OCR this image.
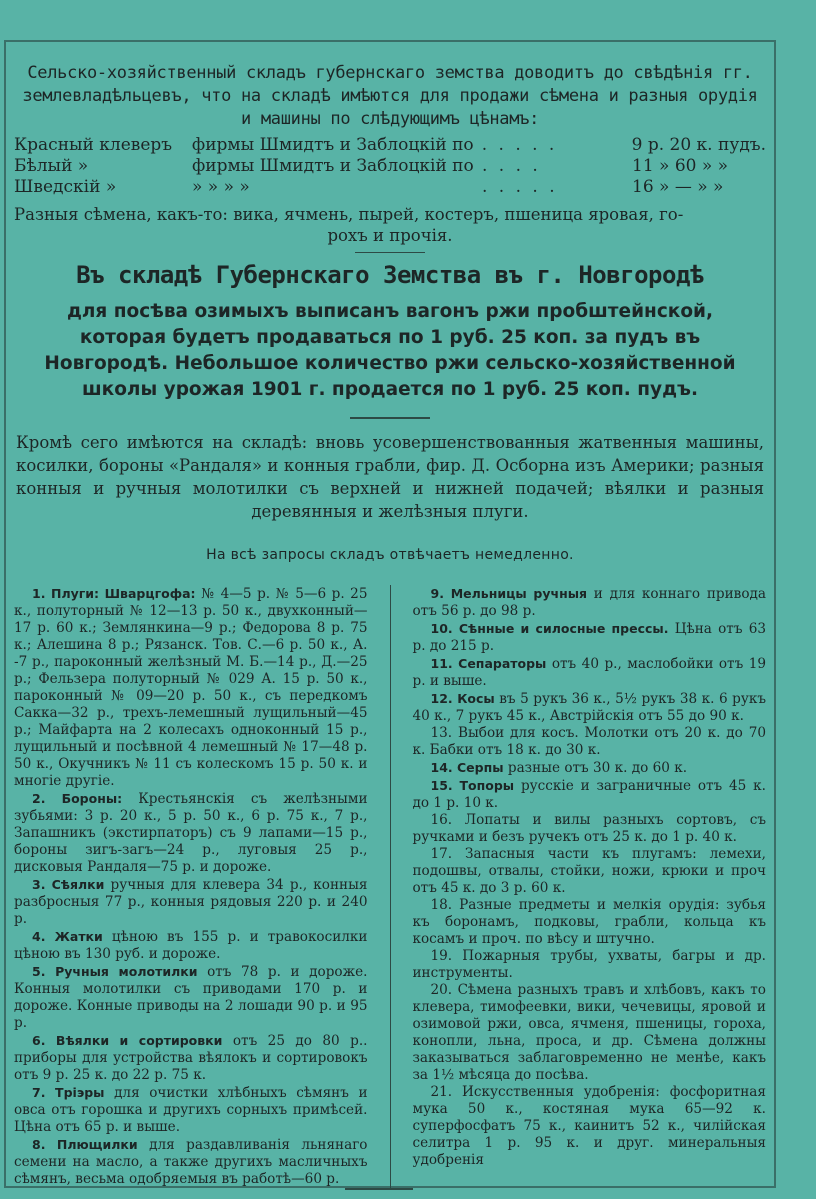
Сельско-хозяйственный складъ губернскаго земства доводитъ до свѣдѣнія гг. землевладѣльцевъ, что на складѣ имѣются для продажи сѣмена и разныя орудія и машины по слѣдующимъ цѣнамъ:

Красный клеверъ	фирмы Шмидтъ и Заблоцкій по . . . . .	9 р. 20 к. пудъ.
Бѣлый »	фирмы Шмидтъ и Заблоцкій по . . . .	11 » 60 » »
Шведскій »	» » » »	. . . . .	16 » — » »
Разныя сѣмена, какъ-то: вика, ячмень, пырей, костеръ, пшеница яровая, го-
рохъ и прочія.
Въ складѣ Губернскаго Земства въ г. Новгородѣ

для посѣва озимыхъ выписанъ вагонъ ржи пробштейнской, которая будетъ продаваться по 1 руб. 25 коп. за пудъ въ Новгородѣ. Небольшое количество ржи сельско-хозяйственной школы урожая 1901 г. продается по 1 руб. 25 коп. пудъ.

Кромѣ сего имѣются на складѣ: вновь усовершенствованныя жатвенныя машины, косилки, бороны «Рандаля» и конныя грабли, фир. Д. Осборна изъ Америки; разныя конныя и ручныя молотилки съ верхней и нижней подачей; вѣялки и разныя деревянныя и желѣзныя плуги.

На всѣ запросы складъ отвѣчаетъ немедленно.

1. Плуги: Шварцгофа: № 4—5 р. № 5—6 р. 25 к., полуторный № 12—13 р. 50 к., двухконный—17 р. 60 к.; Землянкина—9 р.; Федорова 8 р. 75 к.; Алешина 8 р.; Рязанск. Тов. С.—6 р. 50 к., А. -7 р., пароконный желѣзный М. Б.—14 р., Д.—25 р.; Фельзера полуторный № 029 А. 15 р. 50 к., пароконный № 09—20 р. 50 к., съ передкомъ Сакка—32 р., трехъ-лемешный лущильный—45 р.; Майфарта на 2 колесахъ одноконный 15 р., лущильный и посѣвной 4 лемешный № 17—48 р. 50 к., Окучникъ № 11 съ колескомъ 15 р. 50 к. и многіе другіе.

2. Бороны: Крестьянскія съ желѣзными зубьями: 3 р. 20 к., 5 р. 50 к., 6 р. 75 к., 7 р., Запашникъ (экстирпаторъ) съ 9 лапами—15 р., бороны зигъ-загъ—24 р., луговыя 25 р., дисковыя Рандаля—75 р. и дороже.

3. Сѣялки ручныя для клевера 34 р., конныя разбросныя 77 р., конныя рядовыя 220 р. и 240 р.

4. Жатки цѣною въ 155 р. и травокосилки цѣною въ 130 руб. и дороже.

5. Ручныя молотилки отъ 78 р. и дороже. Конныя молотилки съ приводами 170 р. и дороже. Конные приводы на 2 лошади 90 р. и 95 р.

6. Вѣялки и сортировки отъ 25 до 80 р.. приборы для устройства вѣялокъ и сортировокъ отъ 9 р. 25 к. до 22 р. 75 к.

7. Тріэры для очистки хлѣбныхъ сѣмянъ и овса отъ горошка и другихъ сорныхъ примѣсей. Цѣна отъ 65 р. и выше.

8. Плющилки для раздавливанія льнянаго семени на масло, а также другихъ масличныхъ сѣмянъ, весьма одобряемыя въ работѣ—60 р.

9. Мельницы ручныя и для коннаго привода отъ 56 р. до 98 р.

10. Сѣнные и силосные прессы. Цѣна отъ 63 р. до 215 р.

11. Сепараторы отъ 40 р., маслобойки отъ 19 р. и выше.

12. Косы въ 5 рукъ 36 к., 5½ рукъ 38 к. 6 рукъ 40 к., 7 рукъ 45 к., Австрійскія отъ 55 до 90 к.

13. Выбои для косъ. Молотки отъ 20 к. до 70 к. Бабки отъ 18 к. до 30 к.

14. Серпы разные отъ 30 к. до 60 к.

15. Топоры русскіе и заграничные отъ 45 к. до 1 р. 10 к.

16. Лопаты и вилы разныхъ сортовъ, съ ручками и безъ ручекъ отъ 25 к. до 1 р. 40 к.

17. Запасныя части къ плугамъ: лемехи, подошвы, отвалы, стойки, ножи, крюки и проч отъ 45 к. до 3 р. 60 к.

18. Разные предметы и мелкія орудія: зубья къ боронамъ, подковы, грабли, кольца къ косамъ и проч. по вѣсу и штучно.

19. Пожарныя трубы, ухваты, багры и др. инструменты.

20. Сѣмена разныхъ травъ и хлѣбовъ, какъ то клевера, тимофеевки, вики, чечевицы, яровой и озимовой ржи, овса, ячменя, пшеницы, гороха, конопли, льна, проса, и др. Сѣмена должны заказываться заблаговременно не менѣе, какъ за 1½ мѣсяца до посѣва.

21. Искусственныя удобренія: фосфоритная мука 50 к., костяная мука 65—92 к. суперфосфатъ 75 к., каинитъ 52 к., чилійская селитра 1 р. 95 к. и друг. минеральныя удобренія
